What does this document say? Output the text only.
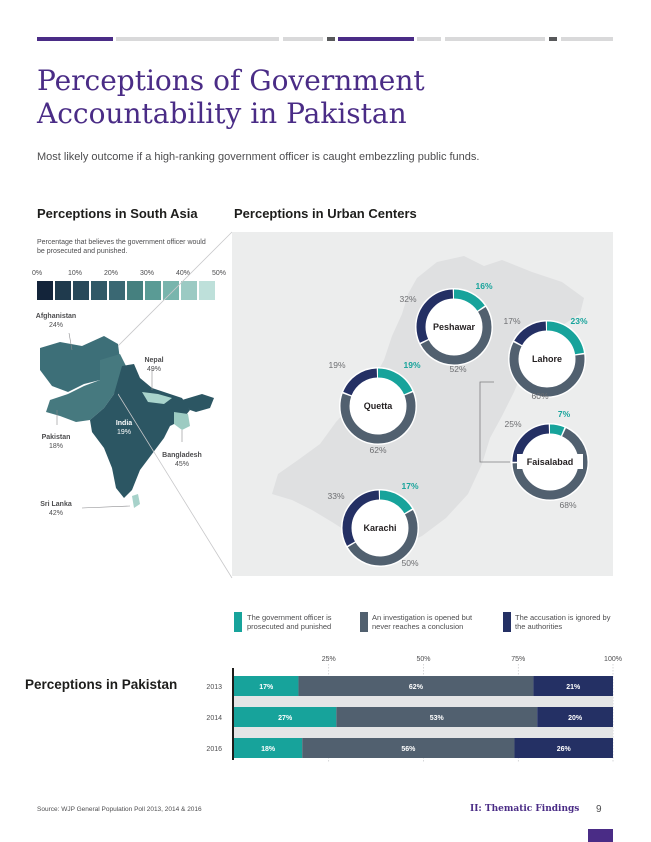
Perceptions of Government Accountability in Pakistan
Most likely outcome if a high-ranking government officer is caught embezzling public funds.
Perceptions in South Asia
Percentage that believes the government officer would be prosecuted and punished.
0%	10%	20%	30%	40%	50%
Afghanistan
24%
Nepal
49%
India
19%
Pakistan
18%
Bangladesh
45%
Sri Lanka
42%
Perceptions in Urban Centers
Peshawar
16%
52%
32%
Lahore
23%
60%
17%
Quetta
19%
62%
19%
Faisalabad
7%
68%
25%
Karachi
17%
50%
33%
The government officer is prosecuted and punished
An investigation is opened but never reaches a conclusion
The accusation is ignored by the authorities
Perceptions in Pakistan
25%	50%	75%	100%
2013	17%	62%	21%
2014	27%	53%	20%
2016	18%	56%	26%
Source: WJP General Population Poll 2013, 2014 & 2016	II: Thematic Findings 9
